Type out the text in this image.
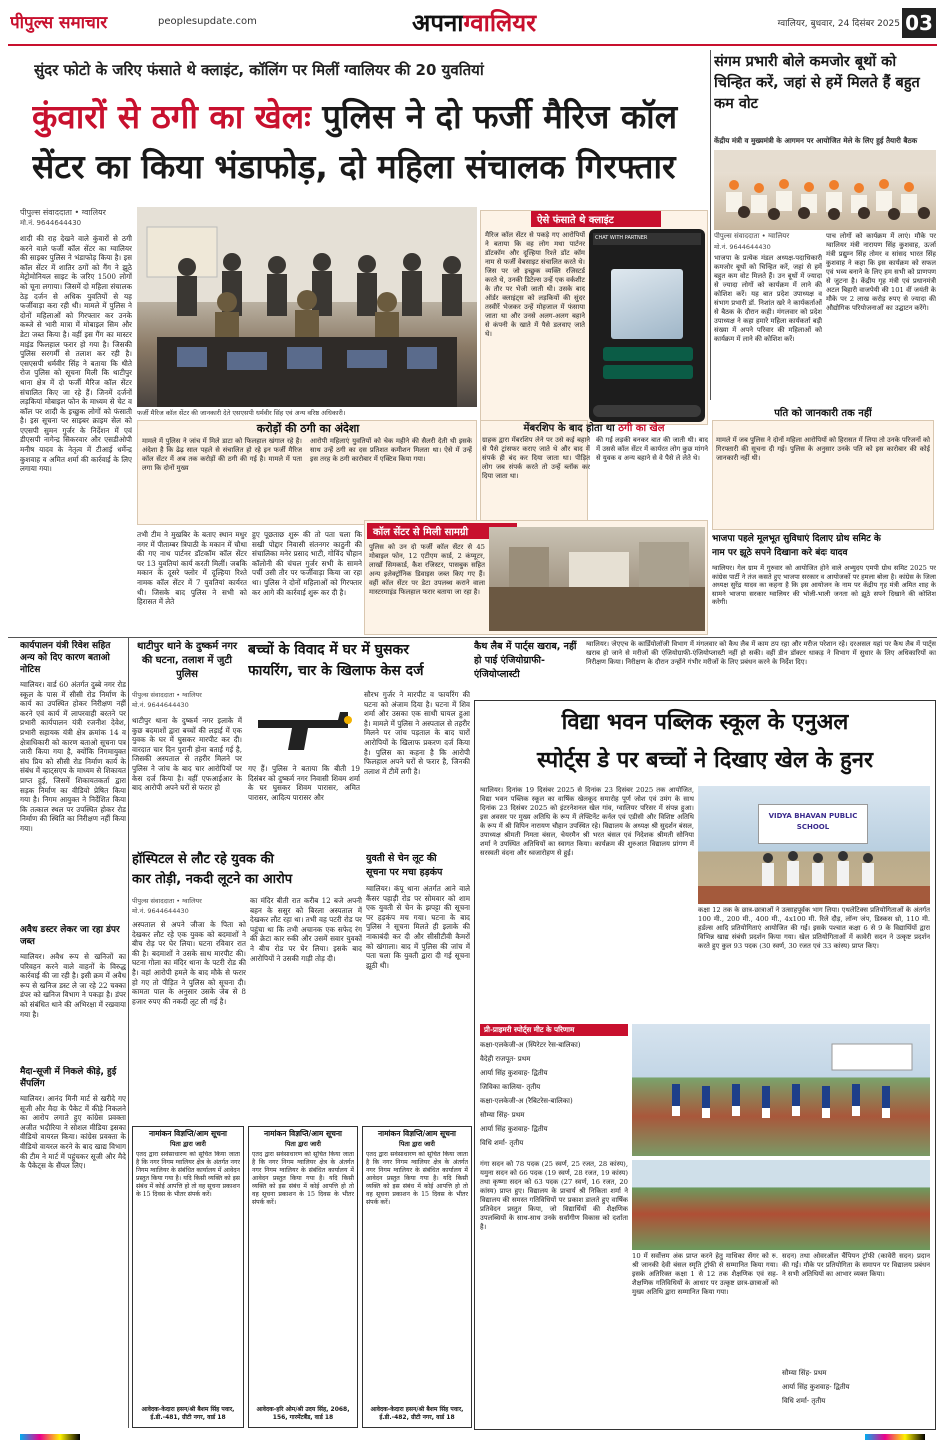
पीपुल्स समाचार	peoplesupdate.com	अपनाग्वालियर	ग्वालियर, बुधवार, 24 दिसंबर 2025 03
सुंदर फोटो के जरिए फंसाते थे क्लाइंट, कॉलिंग पर मिलीं ग्वालियर की 20 युवतियां
कुंवारों से ठगी का खेलः पुलिस ने दो फर्जी मैरिज कॉल
सेंटर का किया भंडाफोड़, दो महिला संचालक गिरफ्तार
पीपुल्स संवाददाता • ग्वालियर
मो.नं. 9644644430
शादी की राह देखने वाले कुंवारों से ठगी करने वाले फर्जी कॉल सेंटर का ग्वालियर की साइबर पुलिस ने भंडाफोड़ किया है। इस कॉल सेंटर में शातिर ठगों को गैंग ने झूठे मेट्रोमोनियल साइट के जरिए 1500 लोगों को चूना लगाया। जिसमें दो महिला संचालक ठेड़ दर्जन से अधिक युवतियों से यह फर्जीवाड़ा करा रही थी। मामले में पुलिस ने दोनों महिलाओं को गिरफ्तार कर उनके कब्जे से भारी मात्रा में मोबाइल सिम और डेटा जब्त किया है। वहीं इस गैंग का मास्टर माइंड फिलहाल फरार हो गया है। जिसकी पुलिस सरगर्मी से तलाश कर रही है। एसएसपी धर्मवीर सिंह ने बताया कि थीते रोज पुलिस को सूचना मिली कि थाटीपुर थाना क्षेत्र में दो फर्जी मैरिज कॉल सेंटर संचालित किए जा रहे हैं। जिनमें दर्जनों लड़कियां मोबाइल फोन के माध्यम से चेट व कॉल पर शादी के इच्छुक लोगों को फंसाती है। इस सूचना पर साइबर क्राइम सेल को एएसपी सुमन गुर्जर के निर्देशन में एवं डीएसपी नागेन्द्र सिकरवार और एसडीओपी मनीष यादव के नेतृत्व में टीआई धर्मेन्द्र कुशवाह व अमित शर्मा की कार्रवाई के लिए लगाया गया।
फर्जी मैरिज कॉल सेंटर की जानकारी देते एसएसपी धर्मवीर सिंह एवं अन्य वरिष्ठ अधिकारी।
ऐसे फंसाते थे क्लाइंट
मैरिज कॉल सेंटर से पकड़े गए आरोपियों ने बताया कि वह लोग मथा पार्टनर डॉटकॉम और दूल्हिया रिश्ते डॉट कॉम नाम से फर्जी वेबसाइट संचालित करते थे। जिस पर जो इच्छुक व्यक्ति रजिस्टर्ड करते थे, उनकी डिटेल्स उन्हें एक वर्कशीट के तौर पर भेजी जाती थी। उसके बाद ऑर्डर क्लाइंट्स को लड़कियों की सुंदर तस्वीरें भेजकर उन्हें मोहजाल में फंसाया जाता था और उनसे अलग-अलग बहाने से कंपनी के खाते में पैसे डलवाए जाते थे।
CHAT WITH PARTNER
करोड़ों की ठगी का अंदेशा
मामले में पुलिस ने जांच में मिले डाटा को फिलहाल खंगाल रहे है। अंदेशा है कि ढेढ़ साल पहले से संचालित हो रहे इन फर्जी मैरिज कॉल सेंटर में अब तक करोड़ों की ठगी की गई है। मामले में पता लगा कि दोनों मुख्य
आरोपी महिलाएं युवतियों को चेक महीने की सैलरी देती थी इसके साथ उन्हें ठगी का दस प्रतिशत कमीशन मिलता था। ऐसे में उन्हें इस तरह के ठगी कारोबार में एक्टिव किया गया।
मेंबरशिप के बाद होता था ठगी का खेल
ग्राहक द्वारा मेंबरशिप लेने पर उसे कई बहाने से पैसे ट्रांसफर कराए जाते थे और बाद में संपर्क ही बंद कर दिया जाता था। पीड़ित लोग जब संपर्क करते तो उन्हें ब्लॉक कर दिया जाता था।
की गई लड़की बनकर बात की जाती थी। बाद में उससे कॉल सेंटर में कार्यरत लोग कुछ मांगने से युवक व अन्य बहाने से वे पैसे ले लेते थे।
तभी टीम ने मुखबिर के बताए स्थान मधुर नगर में पीताम्बर त्रिपाठी के मकान में चौथा की गए नाथ पार्टनर डॉटकॉम कॉल सेंटर पर 13 युवतियां कार्य करती मिलीं। जबकि मकान के दूसरे फ्लोर में दूल्हिया रिश्ते नामक कॉल सेंटर में 7 युवतियां कार्यरत थी। जिसके बाद पुलिस ने सभी को हिरासत में लेते
हुए पूछताछ शुरू की तो पता चला कि सखी पोद्दार निवासी संतनगर काठुनी की संचालिका मनेर प्रसाद भाटी, गोविंद चौहान कॉलोनी की चंचल गुर्जर सभी के सामने पर्ची उसी तौर पर फर्जीवाड़ा किया जा रहा था। पुलिस ने दोनों महिलाओं को गिरफ्तार कर आगे की कार्रवाई शुरू कर दी है।
कॉल सेंटर से मिली सामग्री
पुलिस को उन दो फर्जी कॉल सेंटर से 45 मोबाइल फोन, 12 एटीएम कार्ड, 2 कंप्यूटर, लाखों सिमकार्ड, कैश रजिस्टर, पासबुक सहित अन्य इलेक्ट्रॉनिक डिवाइस जब्त किए गए हैं। वहीं कॉल सेंटर पर डेटा उपलब्ध कराने वाला मास्टरमाइंड फिलहाल फरार बताया जा रहा है।
पति को जानकारी तक नहीं
मामले में जब पुलिस ने दोनों महिला आरोपियों को हिरासत में लिया तो उनके परिजनों को गिरफ्तारी की सूचना दी गई। पुलिस के अनुसार उनके पति को इस कारोबार की कोई जानकारी नहीं थी।
संगम प्रभारी बोले कमजोर बूथों को चिन्हित करें, जहां से हमें मिलते हैं बहुत कम वोट
केंद्रीय मंत्री व मुख्यमंत्री के आगमन पर आयोजित मेले के लिए हुई तैयारी बैठक
पीपुल्स संवाददाता • ग्वालियर
मो.नं. 9644644430
भाजपा के प्रत्येक मंडल अध्यक्ष-पदाधिकारी कमजोर बूथों को चिन्हित करें, जहां से हमें बहुत कम वोट मिलते हैं। उन बूथों में ज्यादा से ज्यादा लोगों को कार्यक्रम में लाने की कोशिश करें। यह बात प्रदेश उपाध्यक्ष व संभाग प्रभारी डॉ. निशांत खरे ने कार्यकर्ताओं से बैठक के दौरान कही। मंगलवार को प्रदेश उपाध्यक्ष ने कहा हमारे महिला कार्यकर्ता बड़ी संख्या में अपने परिवार की महिलाओं को कार्यक्रम में लाने की कोशिश करें।
पाच लोगों को कार्यक्रम में लाएं। मौके पर ग्वालियर मंत्री नारायण सिंह कुशवाह, ऊर्जा मंत्री प्रद्युम्न सिंह तोमर व सांसद भारत सिंह कुशवाह ने कहा कि इस कार्यक्रम को सफल एवं भव्य बनाने के लिए हम सभी को प्राणपण से जुटना है। केंद्रीय गृह मंत्री एवं प्रधानमंत्री अटल बिहारी वाजपेयी की 101 वीं जयंती के मौके पर 2 लाख करोड़ रुपए से ज्यादा की औद्योगिक परियोजनाओं का उद्घाटन करेंगे।
भाजपा पहले मूलभूत सुविधाएं दिलाए ग्रोथ समिट के
नाम पर झूठे सपने दिखाना करे बंदः यादव
ग्वालियर। गेल ग्राम में गुरुवार को आयोजित होने वाले अभ्युदय एमपी ग्रोथ समिट 2025 पर कांग्रेस पार्टी ने तंज कसते हुए भाजपा सरकार व आयोजकों पर हमला बोला है। कांग्रेस के जिला अध्यक्ष सुरेंद्र यादव का कहना है कि इस आयोजन के नाम पर केंद्रीय गृह मंत्री अमित शाह के सामने भाजपा सरकार ग्वालियर की भोली-भाली जनता को झूठे सपने दिखाने की कोशिश करेगी।
कैथ लैब में पार्ट्स खराब, नहीं हो पाई एंजियोग्राफी-एंजियोप्लास्टी
ग्वालियर। जेएएच के कार्डियोलॉजी विभाग में मंगलवार को कैथ लैब में काम ठप रहा और मरीज परेशान रहे। दरअसल यहां पर कैथ लैब में पार्ट्स खराब हो जाने से मरीजों की एंजियोग्राफी-एंजियोप्लास्टी नहीं हो सकी। वहीं डीन डॉक्टर धाकड़ ने विभाग में सुधार के लिए अधिकारियों का निरीक्षण किया। निरीक्षण के दौरान उन्होंने गंभीर मरीजों के लिए प्रबंधन करने के निर्देश दिए।
कार्यपालन यंत्री रिवेश सहित अन्य को दिए कारण बताओ नोटिस
ग्वालियर। वार्ड 60 अंतर्गत दुब्बे नगर रोड स्कूल के पास में सीसी रोड निर्माण के कार्य का उपस्थित होकर निरीक्षण नहीं करने एवं कार्य में लापरवाही बरतने पर प्रभारी कार्यपालन यंत्री रजनीश देवेश, प्रभारी सहायक यंत्री क्षेत्र क्रमांक 14 व क्षेत्राधिकारी को कारण बताओ सूचना पत्र जारी किया गया है, क्योंकि निगमायुक्त संघ प्रिय को सीसी रोड निर्माण कार्य के संबंध में व्हाट्सएप के माध्यम से शिकायत प्राप्त हुई, जिसमें शिकायतकर्ता द्वारा सड़क निर्माण का वीडियो प्रेषित किया गया है। निगम आयुक्त ने निर्देशित किया कि तत्काल स्थल पर उपस्थित होकर रोड निर्माण की स्थिति का निरीक्षण नहीं किया गया।
अवैध डस्टर लेकर जा रहा डंपर जब्त
ग्वालियर। अवैध रूप से खनिजों का परिवहन करने वाले वाहनों के विरुद्ध कार्रवाई की जा रही है। इसी क्रम में अवैध रूप से खनिज डस्ट ले जा रहे 22 चक्का डंपर को खनिज विभाग ने पकड़ा है। डंपर को संबंधित थाने की अभिरक्षा में रखवाया गया है।
मैदा-सूजी में निकले कीड़े, हुई सैंपलिंग
ग्वालियर। आनंद मिनी मार्ट से खरीदे गए सूजी और मैदा के पैकेट में कीड़े निकलने का आरोप लगाते हुए कांग्रेस प्रवक्ता अजीत भदौरिया ने सोशल मीडिया इसका वीडियो वायरल किया। कांग्रेस प्रवक्ता के वीडियो वायरल करने के बाद खाद्य विभाग की टीम ने मार्ट में पहुंचकर सूजी और मैदे के पैकेट्स के सैंपल लिए।
थाटीपुर थाने के दुष्कर्म नगर की घटना, तलाश में जुटी पुलिस
पीपुल्स संवाददाता • ग्वालियर
मो.नं. 9644644430
थाटीपुर थाना के दुष्कर्म नगर इलाके में कुछ बदमाशों द्वारा बच्चों की लड़ाई में एक युवक के घर में घुसकर मारपीट कर दी। वारदात चार दिन पुरानी होना बताई गई है, जिसकी अस्पताल से तहरीर मिलने पर पुलिस ने जांच के बाद चार आरोपियों पर केस दर्ज किया है। वहीं एफआईआर के बाद आरोपी अपने घरों से फरार हो
बच्चों के विवाद में घर में घुसकर
फायरिंग, चार के खिलाफ केस दर्ज
गए हैं। पुलिस ने बताया कि बीती 19 दिसंबर को दुष्कर्म नगर निवासी शिवम शर्मा के घर घुसकर शिवम पारासर, अमित पारासर, आदित्य पारासर और
सौरभ गुर्जर ने मारपीट व फायरिंग की घटना को अंजाम दिया है। घटना में शिव शर्मा और उसका एक साथी घायल हुआ है। मामले में पुलिस ने अस्पताल से तहरीर मिलने पर जांच पड़ताल के बाद चारों आरोपियों के खिलाफ प्रकरण दर्ज किया है। पुलिस का कहना है कि आरोपी फिलहाल अपने घरों से फरार है, जिनकी तलाश में टीमें लगी है।
हॉस्पिटल से लौट रहे युवक की
कार तोड़ी, नकदी लूटने का आरोप
पीपुल्स संवाददाता • ग्वालियर
मो.नं. 9644644430
अस्पताल से अपने जीजा के पिता को देखकर लौट रहे एक युवक को बदमाशों ने बीच रोड़ पर घेर लिया। घटना रविवार रात की है। बदमाशों ने उसके साथ मारपीट की। घटना गोला का मंदिर थाना के पटरी रोड की है। वहां आरोपी हमले के बाद मौके से फरार हो गए तो पीड़ित ने पुलिस को सूचना दी। कामता पाल के अनुसार उसके जेब से 8 हजार रुपए की नकदी लूट ली गई है।
का मंदिर बीती रात करीब 12 बजे अपनी बहन के ससुर को बिरला अस्पताल में देखकर लौट रहा था। तभी वह पटरी रोड पर पहुंचा था कि तभी अचानक एक सफेद रंग की क्रेटा कार रुकी और उसमें सवार युवकों ने बीच रोड पर घेर लिया। इसके बाद आरोपियों ने उसकी गाड़ी तोड़ दी।
युवती से चेन लूट की
सूचना पर मचा हड़कंप
ग्वालियर। कंपू थाना अंतर्गत आने वाले कैंसर पहाड़ी रोड पर सोमवार को शाम एक युवती से चेन के झपट्टा की सूचना पर हड़कंप मच गया। घटना के बाद पुलिस ने सूचना मिलते ही इलाके की नाकाबंदी कर दी और सीसीटीवी कैमरों को खंगाला। बाद में पुलिस की जांच में पता चला कि युवती द्वारा दी गई सूचना झूठी थी।
नामांकन विज्ञप्ति/आम सूचना
पिता द्वारा जारी
एतद द्वारा सर्वसाधारण को सूचित किया जाता है कि नगर निगम ग्वालियर क्षेत्र के अंतर्गत नगर निगम ग्वालियर के संबंधित कार्यालय में आवेदन प्रस्तुत किया गया है। यदि किसी व्यक्ति को इस संबंध में कोई आपत्ति हो तो वह सूचना प्रकाशन के 15 दिवस के भीतर संपर्क करें।
आवेदक-केदारा हसन/श्री बैशम सिंह पवार, ई.डी.-481, ग्रीटी नगर, वार्ड 18
नामांकन विज्ञप्ति/आम सूचना
पिता द्वारा जारी
एतद द्वारा सर्वसाधारण को सूचित किया जाता है कि नगर निगम ग्वालियर क्षेत्र के अंतर्गत नगर निगम ग्वालियर के संबंधित कार्यालय में आवेदन प्रस्तुत किया गया है। यदि किसी व्यक्ति को इस संबंध में कोई आपत्ति हो तो वह सूचना प्रकाशन के 15 दिवस के भीतर संपर्क करें।
आवेदक-हरि ओम/श्री उदय सिंह, 2068, 156, गारमेंटबैंड, वार्ड 18
नामांकन विज्ञप्ति/आम सूचना
पिता द्वारा जारी
एतद द्वारा सर्वसाधारण को सूचित किया जाता है कि नगर निगम ग्वालियर क्षेत्र के अंतर्गत नगर निगम ग्वालियर के संबंधित कार्यालय में आवेदन प्रस्तुत किया गया है। यदि किसी व्यक्ति को इस संबंध में कोई आपत्ति हो तो वह सूचना प्रकाशन के 15 दिवस के भीतर संपर्क करें।
आवेदक-केदारा हसन/श्री बैशम सिंह पवार, ई.डी.-482, ग्रीटी नगर, वार्ड 18
विद्या भवन पब्लिक स्कूल के एनुअल
स्पोर्ट्स डे पर बच्चों ने दिखाए खेल के हुनर
ग्वालियर। दिनांक 19 दिसंबर 2025 से दिनांक 23 दिसंबर 2025 तक आयोजित, विद्या भवन पब्लिक स्कूल का वार्षिक खेलकूद समारोह पूर्ण जोश एवं उमंग के साथ दिनांक 23 दिसंबर 2025 को इंटरनेशनल खेल गांव, ग्वालियर परिसर में संपन्न हुआ। इस अवसर पर मुख्य अतिथि के रूप में लेफ्टिनेंट कर्नल एवं एडीसी और विशिष्ट अतिथि के रूप में श्री विपिन नारायण चौहान उपस्थित रहे। विद्यालय के अध्यक्ष श्री सुदर्शन बंसल, उपाध्यक्ष श्रीमती निमता बंसल, चेयरमैन श्री भरत बंसल एवं निदेशक श्रीमती सोनिया शर्मा ने उपस्थित अतिथियों का स्वागत किया। कार्यक्रम की शुरुआत विद्यालय प्रांगण में सरस्वती वंदना और ध्वजारोहण से हुई।
VIDYA BHAVAN PUBLIC SCHOOL
कक्षा 12 तक के छात्र-छात्राओं ने उत्साहपूर्वक भाग लिया। एथलेटिक्स प्रतियोगिताओं के अंतर्गत 100 मी., 200 मी., 400 मी., 4x100 मी. रिले दौड़, लॉन्ग जंप, डिस्कस थ्रो, 110 मी. हर्डल्स आदि प्रतियोगिताएं आयोजित की गईं। इसके पश्चात कक्षा 6 से 9 के विद्यार्थियों द्वारा विभिन्न खाद्य संबंधी प्रदर्शन किया गया। खेल प्रतियोगिताओं में कावेरी सदन ने उत्कृष्ट प्रदर्शन करते हुए कुल 93 पदक (30 स्वर्ण, 30 रजत एवं 33 कांस्य) प्राप्त किए।
प्री-प्राइमरी स्पोर्ट्स मीट के परिणाम
कक्षा-एलकेजी-अ (स्पिरेटर रेस-बालिका)
वैदेही राजपूत- प्रथम
आर्या सिंह कुशवाह- द्वितीय
जिविका कालिया- तृतीय
कक्षा-एलकेजी-अ (रैबिटरेस-बालिका)
सौम्या सिंह- प्रथम
आर्या सिंह कुशवाह- द्वितीय
विधि शर्मा- तृतीय
गंगा सदन को 78 पदक (25 स्वर्ण, 25 रजत, 28 कांस्य), यमुना सदन को 66 पदक (19 स्वर्ण, 28 रजत, 19 कांस्य) तथा कृष्णा सदन को 63 पदक (27 स्वर्ण, 16 रजत, 20 कांस्य) प्राप्त हुए। विद्यालय के प्राचार्य श्री निकिता शर्मा ने विद्यालय की समस्त गतिविधियों पर प्रकाश डालते हुए वार्षिक प्रतिवेदन प्रस्तुत किया, जो विद्यार्थियों की शैक्षणिक उपलब्धियों के साथ-साथ उनके सर्वांगीण विकास को दर्शाता है।
10 में सर्वोत्तम अंक प्राप्त करने हेतु माधिका सेंगर को रु. श्री जानकी देवी बंसल स्मृति ट्रॉफी से सम्मानित किया गया। इसके अतिरिक्त कक्षा 1 से 12 तक शैक्षणिक एवं सह-शैक्षणिक गतिविधियों के आधार पर उत्कृष्ट छात्र-छात्राओं को मुख्य अतिथि द्वारा सम्मानित किया गया।
सदन) तथा ओवरऑल चैंपियन ट्रॉफी (कावेरी सदन) प्रदान की गईं। मौके पर प्रतियोगिता के समापन पर विद्यालय प्रबंधन ने सभी अतिथियों का आभार व्यक्त किया।
सौम्या सिंह- प्रथम
आर्या सिंह कुशवाह- द्वितीय
विधि शर्मा- तृतीय
